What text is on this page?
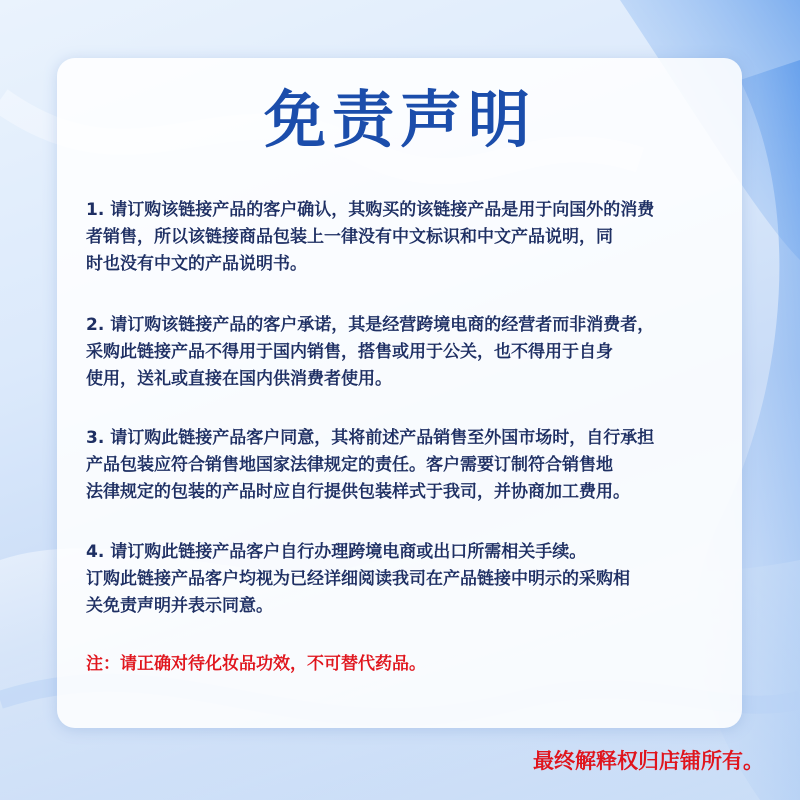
免责声明
1. 请订购该链接产品的客户确认，其购买的该链接产品是用于向国外的消费
者销售，所以该链接商品包装上一律没有中文标识和中文产品说明，同
时也没有中文的产品说明书。
2. 请订购该链接产品的客户承诺，其是经营跨境电商的经营者而非消费者，
采购此链接产品不得用于国内销售，搭售或用于公关，也不得用于自身
使用，送礼或直接在国内供消费者使用。
3. 请订购此链接产品客户同意，其将前述产品销售至外国市场时，自行承担
产品包装应符合销售地国家法律规定的责任。客户需要订制符合销售地
法律规定的包装的产品时应自行提供包装样式于我司，并协商加工费用。
4. 请订购此链接产品客户自行办理跨境电商或出口所需相关手续。
订购此链接产品客户均视为已经详细阅读我司在产品链接中明示的采购相
关免责声明并表示同意。
注：请正确对待化妆品功效，不可替代药品。
最终解释权归店铺所有。
